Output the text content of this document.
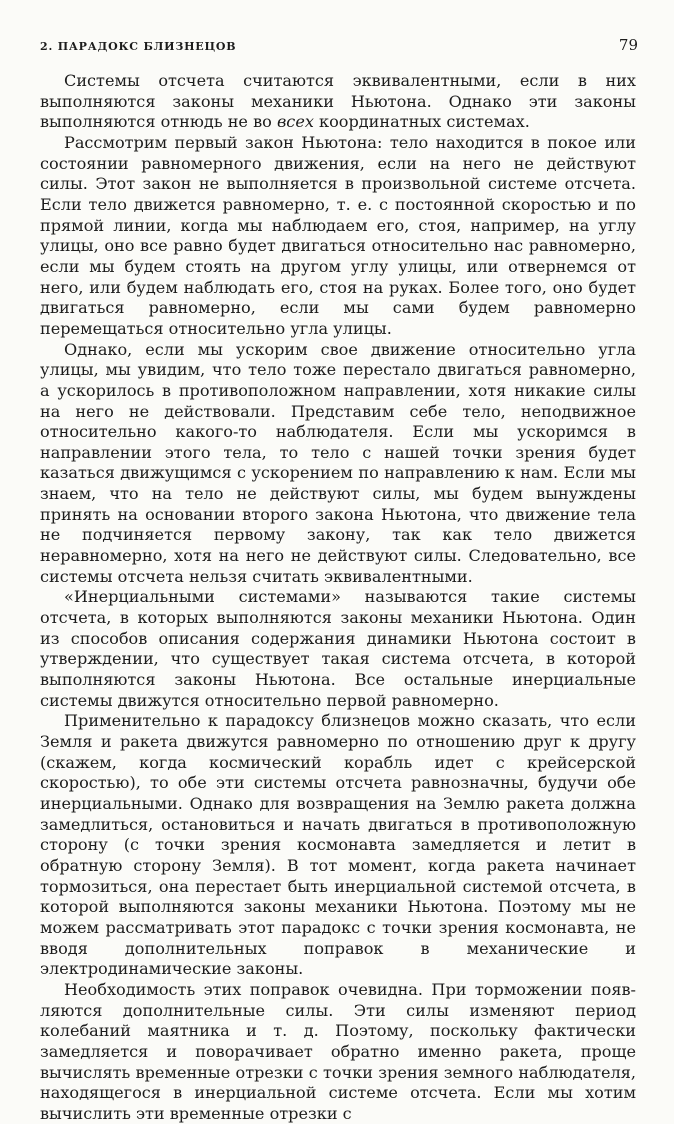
2. ПАРАДОКС БЛИЗНЕЦОВ	79

Системы отсчета считаются эквивалентными, если в них выполняются законы механики Ньютона. Однако эти законы выполняются отнюдь не во всех координатных системах.

Рассмотрим первый закон Ньютона: тело находится в покое или состоянии равномерного движения, если на него не действуют силы. Этот закон не выполняется в произвольной системе отсчета. Если тело движется равномерно, т. е. с постоянной скоростью и по прямой линии, когда мы наблюдаем его, стоя, например, на углу улицы, оно все равно будет двигаться относительно нас равномерно, если мы будем стоять на другом углу улицы, или отвернемся от него, или будем наблюдать его, стоя на руках. Более того, оно будет двигаться равномерно, если мы сами будем равномерно перемещаться относительно угла улицы.

Однако, если мы ускорим свое движение относительно угла улицы, мы увидим, что тело тоже перестало двигаться равномерно, а ускорилось в противоположном направлении, хотя никакие силы на него не действовали. Представим себе тело, неподвижное относительно какого-то наблюдателя. Если мы ускоримся в направлении этого тела, то тело с нашей точки зрения будет казаться движущимся с ускорением по направлению к нам. Если мы знаем, что на тело не действуют силы, мы будем вынуждены принять на основании второго закона Ньютона, что движение тела не подчиняется первому закону, так как тело движется неравномерно, хотя на него не действуют силы. Следовательно, все системы отсчета нельзя считать эквивалентными.

«Инерциальными системами» называются такие системы отсчета, в которых выполняются законы механики Ньютона. Один из способов описания содержания динамики Ньютона состоит в утверждении, что существует такая система отсчета, в которой выполняются законы Ньютона. Все остальные инерциальные системы движутся относительно первой равномерно.

Применительно к парадоксу близнецов можно сказать, что если Земля и ракета движутся равномерно по отношению друг к другу (скажем, когда космический корабль идет с крейсерской скоростью), то обе эти системы отсчета равнозначны, будучи обе инерциальными. Однако для возвращения на Землю ракета должна замедлиться, остановиться и начать двигаться в противоположную сторону (с точки зрения космонавта замедляется и летит в обратную сторону Земля). В тот момент, когда ракета начинает тормозиться, она перестает быть инерциальной системой отсчета, в которой выполняются законы механики Ньютона. Поэтому мы не можем рассматривать этот парадокс с точки зрения космонавта, не вводя дополнительных поправок в механические и электродинамические законы.

Необходимость этих поправок очевидна. При торможении появляются дополнительные силы. Эти силы изменяют период колебаний маятника и т. д. Поэтому, поскольку фактически замедляется и поворачивает обратно именно ракета, проще вычислять временные отрезки с точки зрения земного наблюдателя, находящегося в инерциальной системе отсчета. Если мы хотим вычислить эти временные отрезки с
